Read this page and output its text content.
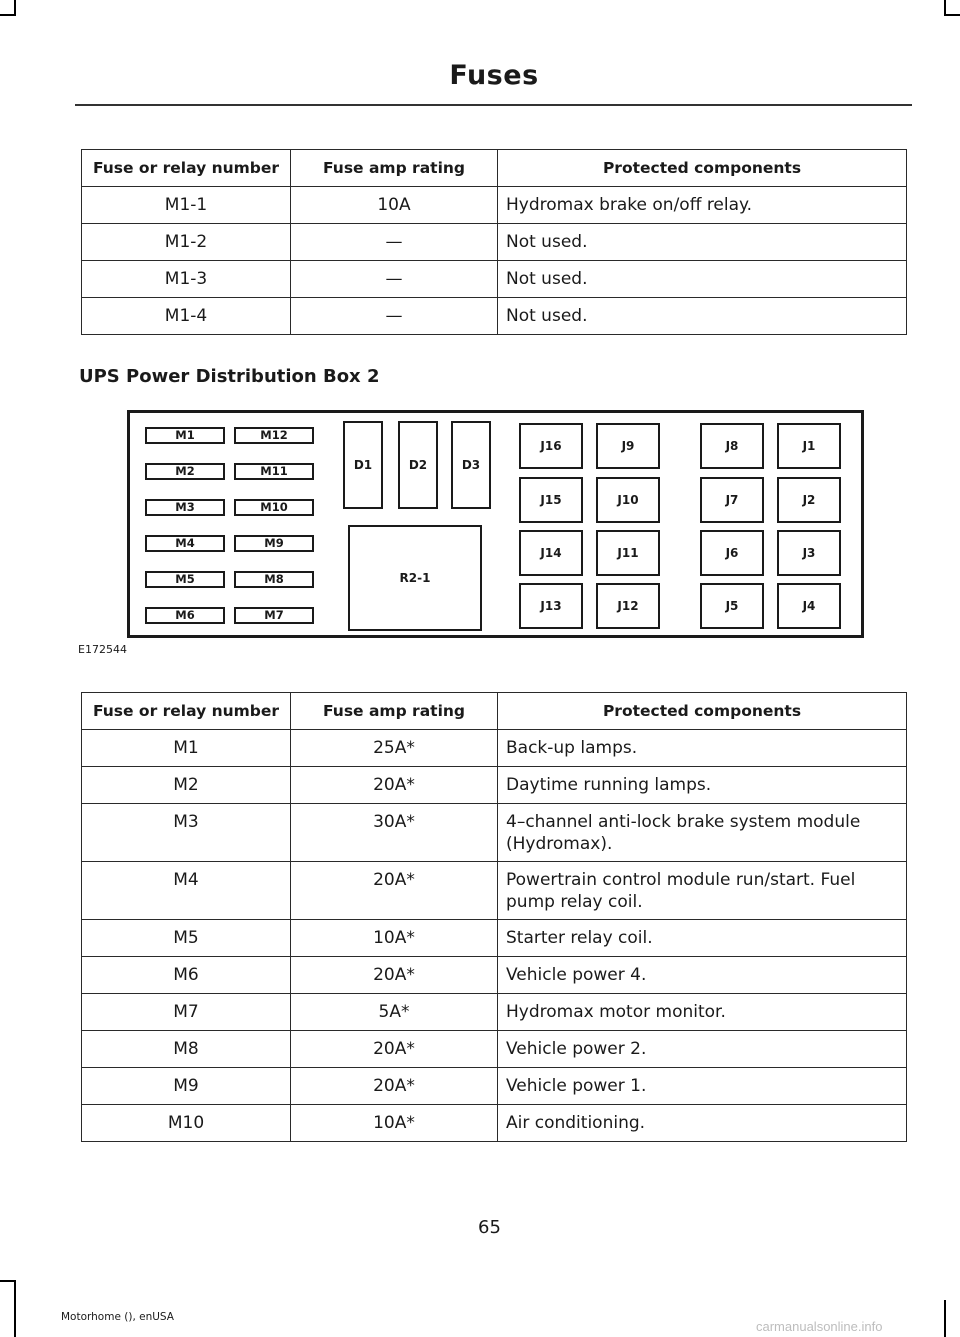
Fuses
Fuse or relay number	Fuse amp rating	Protected components
M1-1	10A	Hydromax brake on/off relay.
M1-2	—	Not used.
M1-3	—	Not used.
M1-4	—	Not used.
UPS Power Distribution Box 2
M1
M2
M3
M4
M5
M6
M12
M11
M10
M9
M8
M7
D1	D2	D3
R2-1
J16
J15
J14
J13
J9
J10
J11
J12
J8
J7
J6
J5
J1
J2
J3
J4
E172544
Fuse or relay number	Fuse amp rating	Protected components
M1	25A*	Back-up lamps.
M2	20A*	Daytime running lamps.
M3	30A*	4–channel anti-lock brake system module (Hydromax).
M4	20A*	Powertrain control module run/start. Fuel pump relay coil.
M5	10A*	Starter relay coil.
M6	20A*	Vehicle power 4.
M7	5A*	Hydromax motor monitor.
M8	20A*	Vehicle power 2.
M9	20A*	Vehicle power 1.
M10	10A*	Air conditioning.
65
Motorhome (), enUSA
carmanualsonline.info
